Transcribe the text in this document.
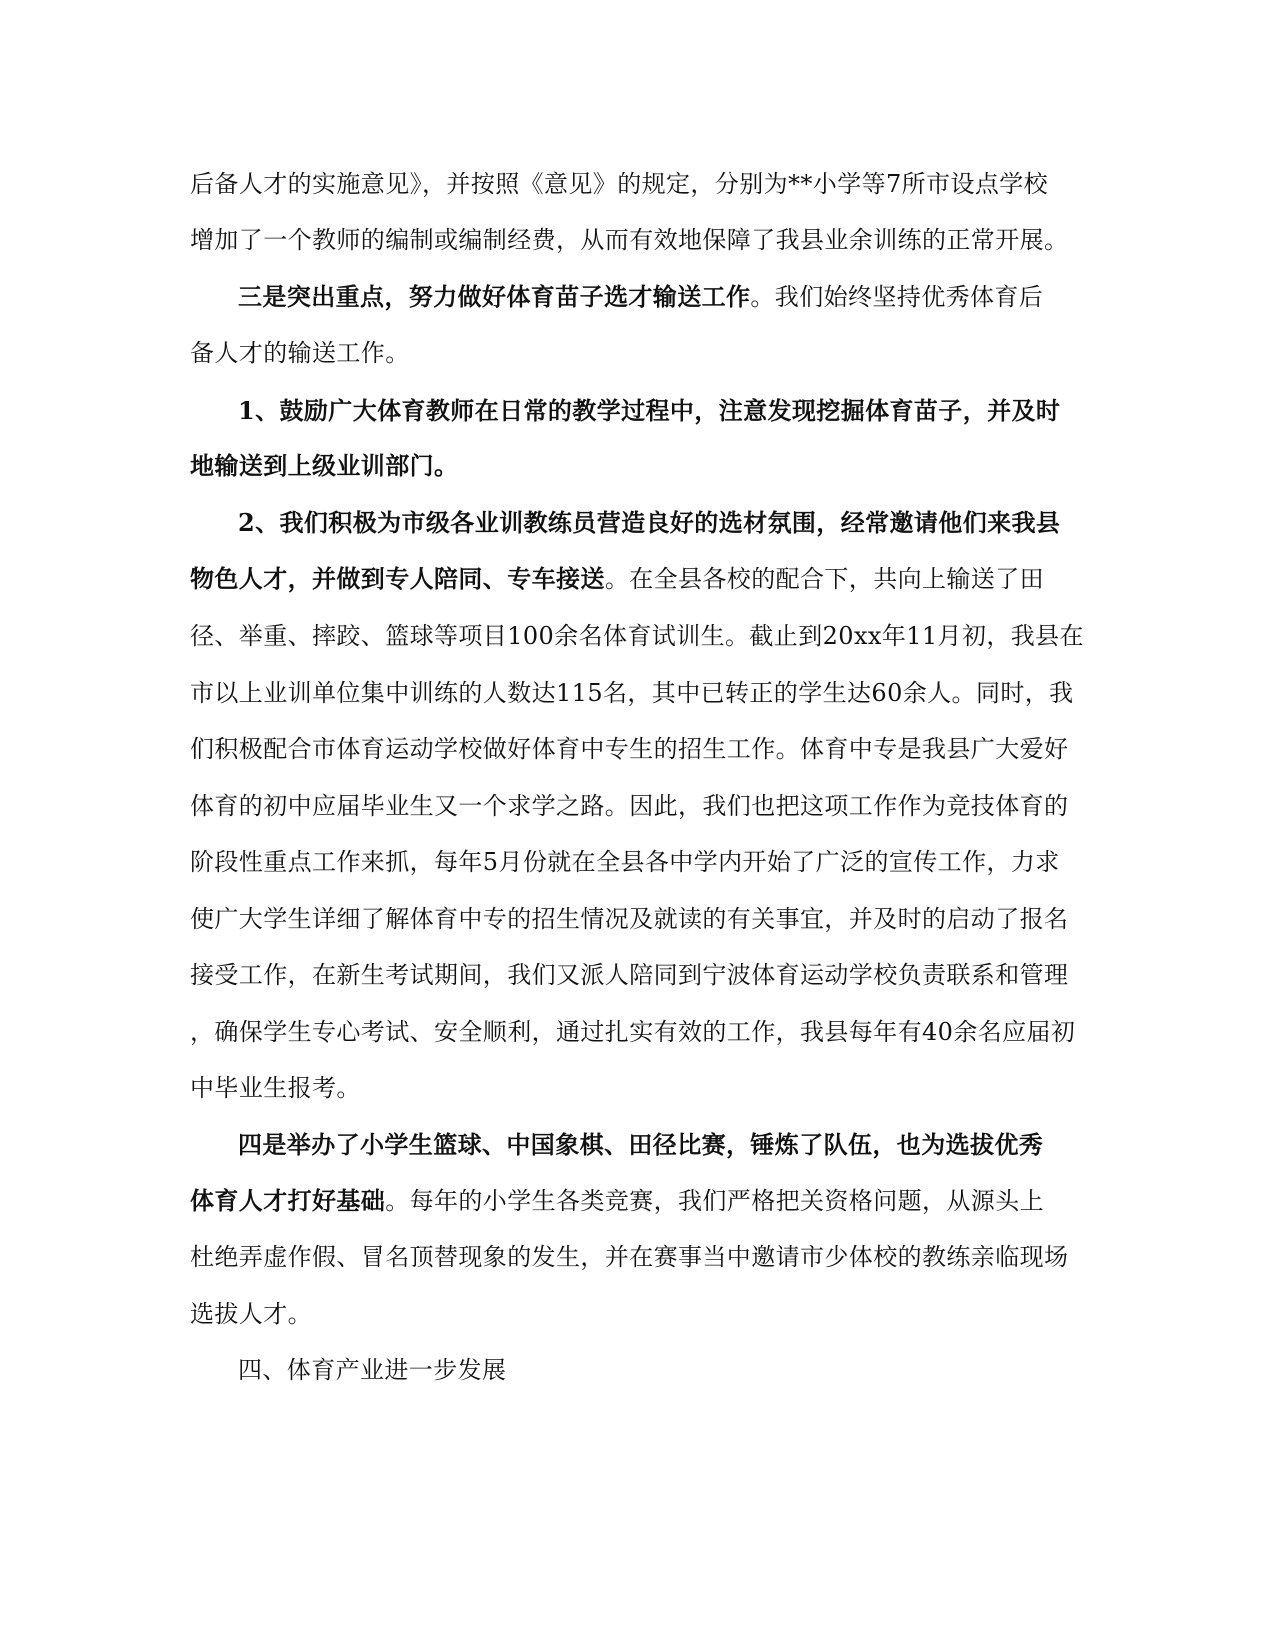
后备人才的实施意见》，并按照《意见》的规定，分别为**小学等7所市设点学校
增加了一个教师的编制或编制经费，从而有效地保障了我县业余训练的正常开展。
三是突出重点，努力做好体育苗子选才输送工作。我们始终坚持优秀体育后
备人才的输送工作。
1、鼓励广大体育教师在日常的教学过程中，注意发现挖掘体育苗子，并及时
地输送到上级业训部门。
2、我们积极为市级各业训教练员营造良好的选材氛围，经常邀请他们来我县
物色人才，并做到专人陪同、专车接送。在全县各校的配合下，共向上输送了田
径、举重、摔跤、篮球等项目100余名体育试训生。截止到20xx年11月初，我县在
市以上业训单位集中训练的人数达115名，其中已转正的学生达60余人。同时，我
们积极配合市体育运动学校做好体育中专生的招生工作。体育中专是我县广大爱好
体育的初中应届毕业生又一个求学之路。因此，我们也把这项工作作为竞技体育的
阶段性重点工作来抓，每年5月份就在全县各中学内开始了广泛的宣传工作，力求
使广大学生详细了解体育中专的招生情况及就读的有关事宜，并及时的启动了报名
接受工作，在新生考试期间，我们又派人陪同到宁波体育运动学校负责联系和管理
，确保学生专心考试、安全顺利，通过扎实有效的工作，我县每年有40余名应届初
中毕业生报考。
四是举办了小学生篮球、中国象棋、田径比赛，锤炼了队伍，也为选拔优秀
体育人才打好基础。每年的小学生各类竞赛，我们严格把关资格问题，从源头上
杜绝弄虚作假、冒名顶替现象的发生，并在赛事当中邀请市少体校的教练亲临现场
选拔人才。
四、体育产业进一步发展
